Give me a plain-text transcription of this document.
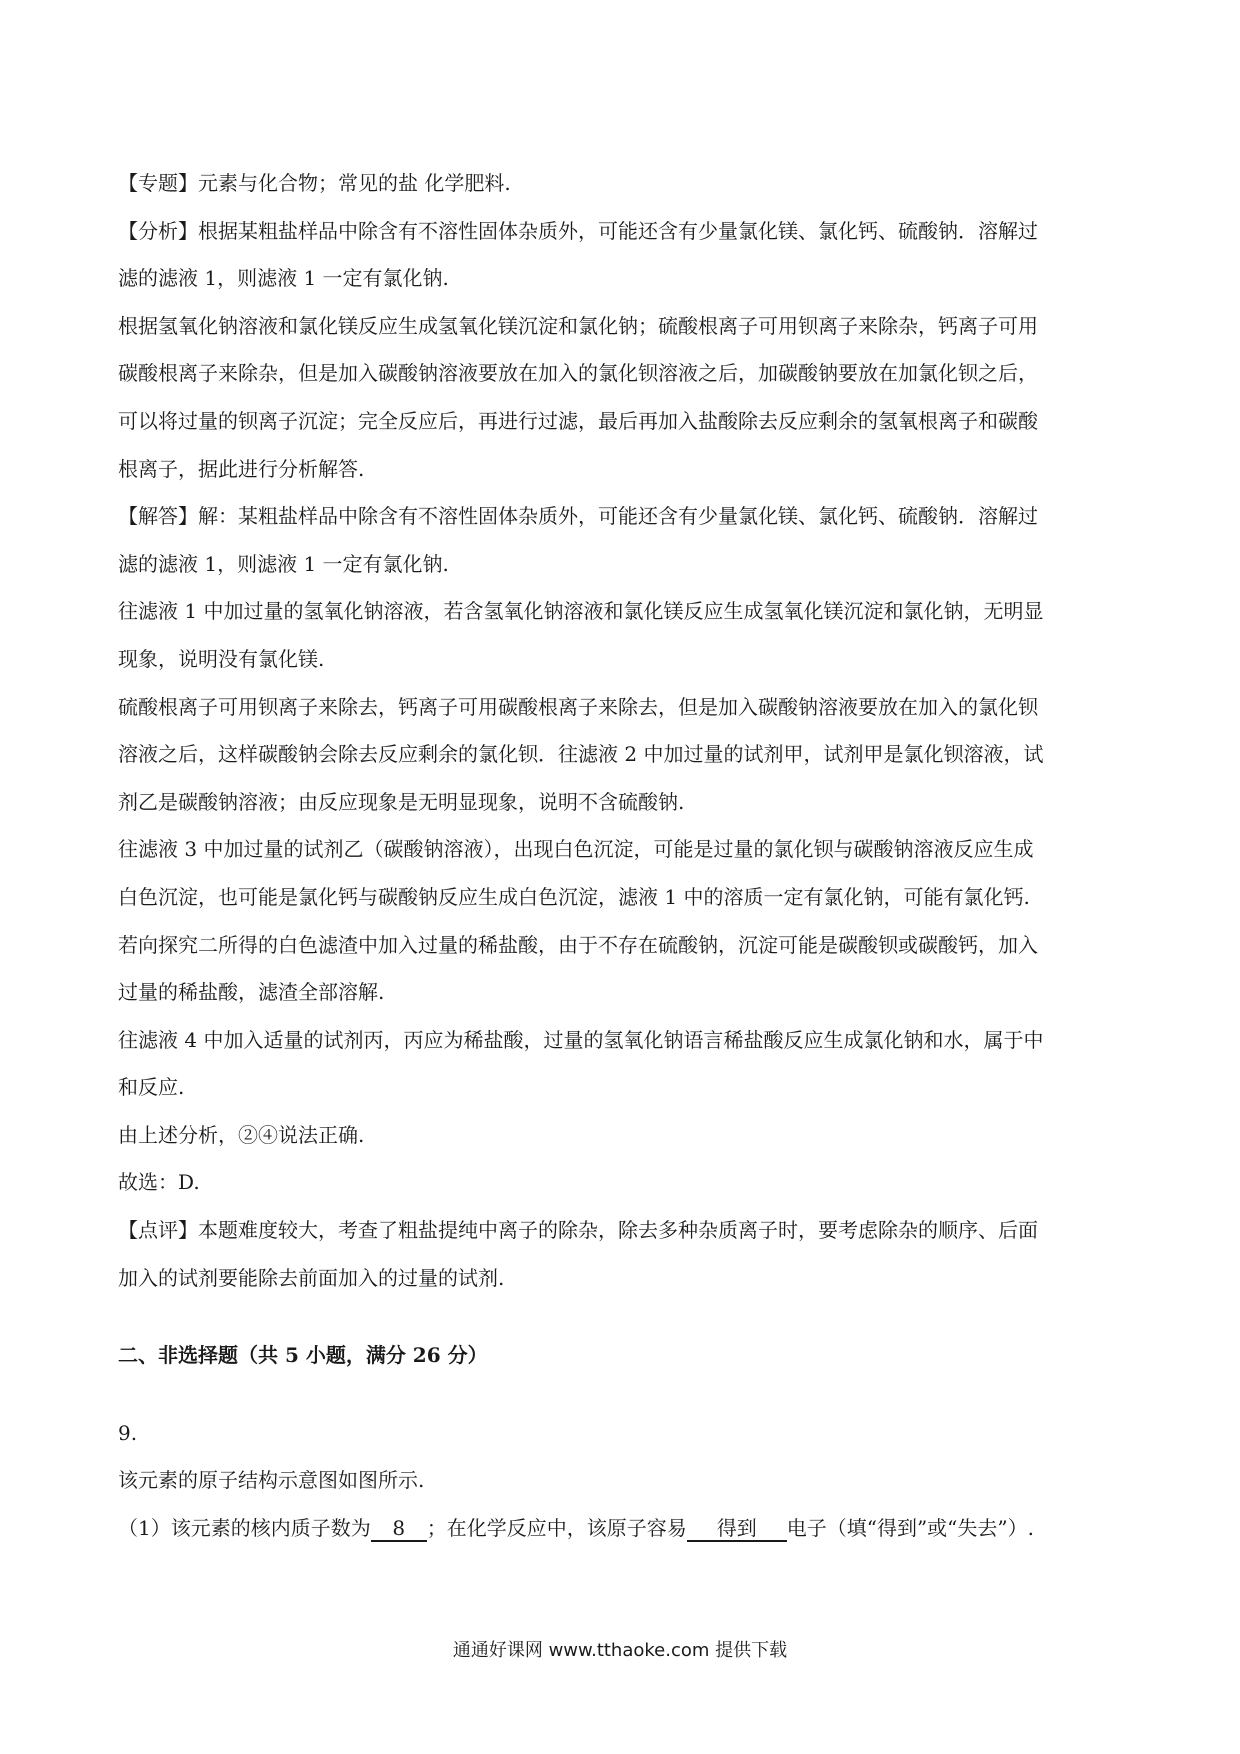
【专题】元素与化合物；常见的盐 化学肥料.

【分析】根据某粗盐样品中除含有不溶性固体杂质外，可能还含有少量氯化镁、氯化钙、硫酸钠．溶解过

滤的滤液 1，则滤液 1 一定有氯化钠.

根据氢氧化钠溶液和氯化镁反应生成氢氧化镁沉淀和氯化钠；硫酸根离子可用钡离子来除杂，钙离子可用

碳酸根离子来除杂，但是加入碳酸钠溶液要放在加入的氯化钡溶液之后，加碳酸钠要放在加氯化钡之后，

可以将过量的钡离子沉淀；完全反应后，再进行过滤，最后再加入盐酸除去反应剩余的氢氧根离子和碳酸

根离子，据此进行分析解答.

【解答】解：某粗盐样品中除含有不溶性固体杂质外，可能还含有少量氯化镁、氯化钙、硫酸钠．溶解过

滤的滤液 1，则滤液 1 一定有氯化钠.

往滤液 1 中加过量的氢氧化钠溶液，若含氢氧化钠溶液和氯化镁反应生成氢氧化镁沉淀和氯化钠，无明显

现象，说明没有氯化镁.

硫酸根离子可用钡离子来除去，钙离子可用碳酸根离子来除去，但是加入碳酸钠溶液要放在加入的氯化钡

溶液之后，这样碳酸钠会除去反应剩余的氯化钡．往滤液 2 中加过量的试剂甲，试剂甲是氯化钡溶液，试

剂乙是碳酸钠溶液；由反应现象是无明显现象，说明不含硫酸钠.

往滤液 3 中加过量的试剂乙（碳酸钠溶液），出现白色沉淀，可能是过量的氯化钡与碳酸钠溶液反应生成

白色沉淀，也可能是氯化钙与碳酸钠反应生成白色沉淀，滤液 1 中的溶质一定有氯化钠，可能有氯化钙.

若向探究二所得的白色滤渣中加入过量的稀盐酸，由于不存在硫酸钠，沉淀可能是碳酸钡或碳酸钙，加入

过量的稀盐酸，滤渣全部溶解.

往滤液 4 中加入适量的试剂丙，丙应为稀盐酸，过量的氢氧化钠语言稀盐酸反应生成氯化钠和水，属于中

和反应.

由上述分析，②④说法正确.

故选：D.

【点评】本题难度较大，考查了粗盐提纯中离子的除杂，除去多种杂质离子时，要考虑除杂的顺序、后面

加入的试剂要能除去前面加入的过量的试剂.

二、非选择题（共 5 小题，满分 26 分）

9.

该元素的原子结构示意图如图所示.

（1）该元素的核内质子数为 8 ；在化学反应中，该原子容易 得到 电子（填“得到”或“失去”）.

通通好课网 www.tthaoke.com 提供下载
